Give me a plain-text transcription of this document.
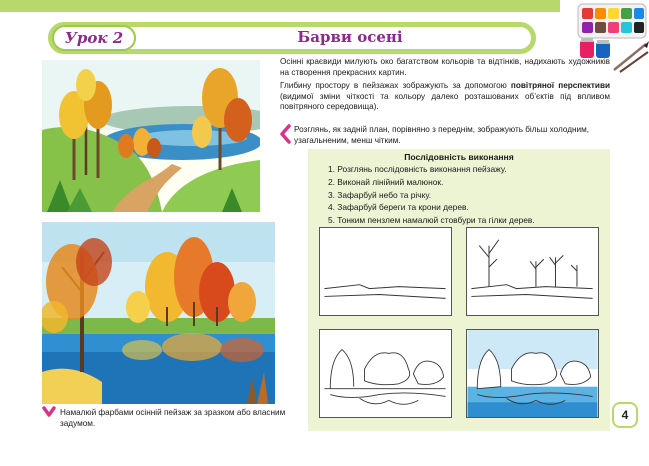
Урок 2	Барви осені
Осінні краєвиди милують око багатством кольорів та відтінків, надихають художників на створення прекрасних картин.
Глибину простору в пейзажах зображують за допомогою повітряної перспективи (видимої зміни чіткості та кольору далеко розташованих об’єктів під впливом повітряного середовища).
Розглянь, як задній план, порівняно з переднім, зображують більш холодним, узагальненим, менш чітким.
Намалюй фарбами осінній пейзаж за зразком або власним задумом.
Послідовність виконання
1. Розглянь послідовність виконання пейзажу.
2. Виконай лінійний малюнок.
3. Зафарбуй небо та річку.
4. Зафарбуй береги та крони дерев.
5. Тонким пензлем намалюй стовбури та гілки дерев.
4
